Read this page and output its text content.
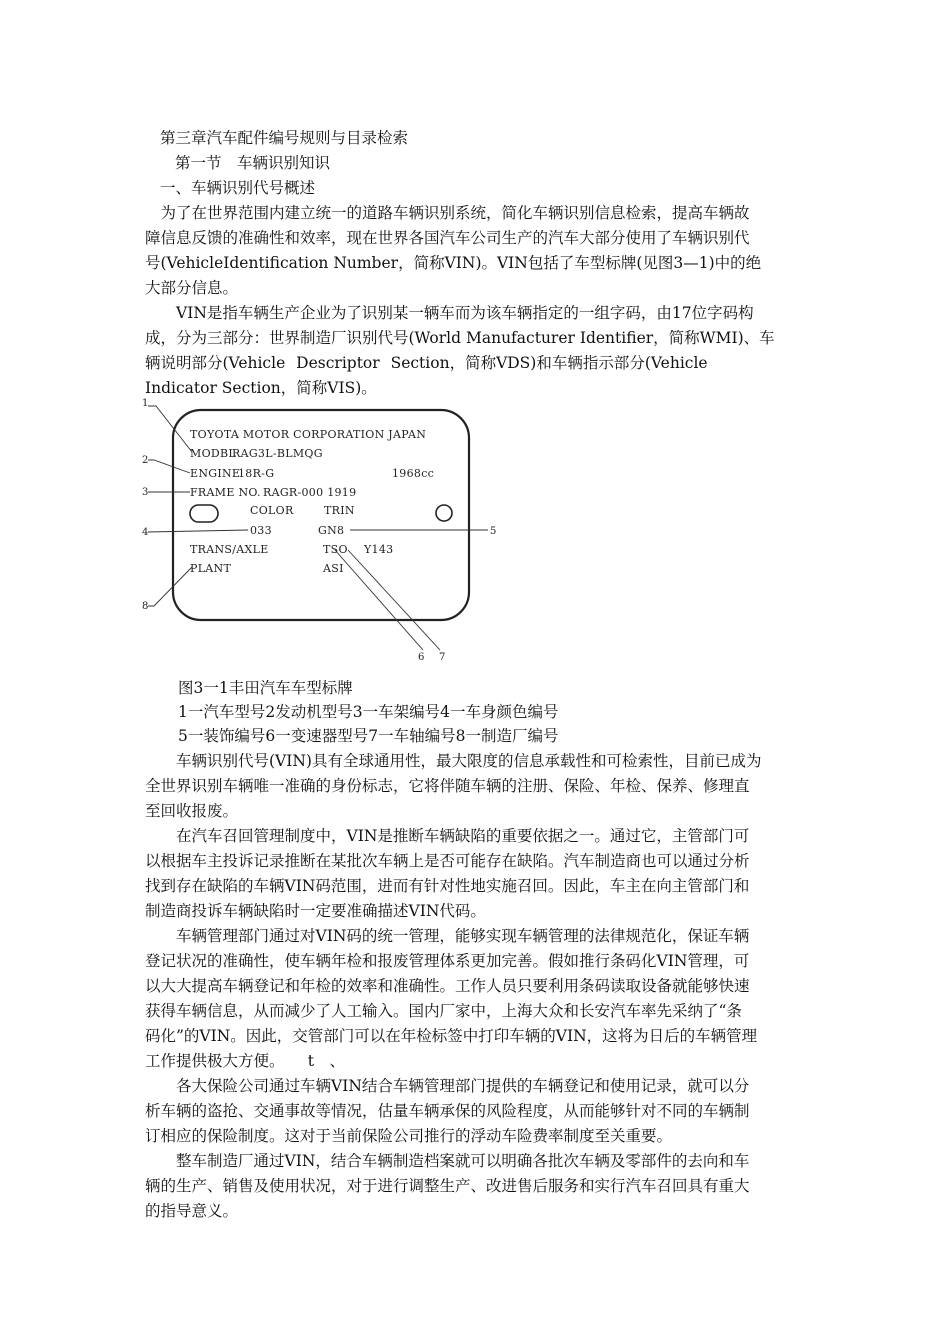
第三章汽车配件编号规则与目录检索
第一节　车辆识别知识
一、车辆识别代号概述
　为了在世界范围内建立统一的道路车辆识别系统，简化车辆识别信息检索，提高车辆故
障信息反馈的准确性和效率，现在世界各国汽车公司生产的汽车大部分使用了车辆识别代
号(VehicleIdentification Number，简称VIN)。VIN包括了车型标牌(见图3—1)中的绝
大部分信息。
　　VIN是指车辆生产企业为了识别某一辆车而为该车辆指定的一组字码，由17位字码构
成，分为三部分：世界制造厂识别代号(World Manufacturer Identifier，简称WMI)、车
辆说明部分(Vehicle Descriptor Section，简称VDS)和车辆指示部分(Vehicle
Indicator Section，简称VIS)。
TOYOTA MOTOR CORPORATION JAPAN
MODBL
RAG3L-BLMQG
ENGINE
18R-G	1968cc
FRAME NO. RAGR-000 1919
COLOR	TRIN
033	GN8
TRANS/AXLE	TSO Y143
PLANT	ASI
1
2
3
4	5
6 7
8
图3一1丰田汽车车型标牌
1一汽车型号2发动机型号3一车架编号4一车身颜色编号
5一装饰编号6一变速器型号7一车轴编号8一制造厂编号
　　车辆识别代号(VIN)具有全球通用性，最大限度的信息承载性和可检索性，目前已成为
全世界识别车辆唯一准确的身份标志，它将伴随车辆的注册、保险、年检、保养、修理直
至回收报废。
　　在汽车召回管理制度中，VIN是推断车辆缺陷的重要依据之一。通过它，主管部门可
以根据车主投诉记录推断在某批次车辆上是否可能存在缺陷。汽车制造商也可以通过分析
找到存在缺陷的车辆VIN码范围，进而有针对性地实施召回。因此，车主在向主管部门和
制造商投诉车辆缺陷时一定要准确描述VIN代码。
　　车辆管理部门通过对VIN码的统一管理，能够实现车辆管理的法律规范化，保证车辆
登记状况的准确性，使车辆年检和报废管理体系更加完善。假如推行条码化VIN管理，可
以大大提高车辆登记和年检的效率和准确性。工作人员只要利用条码读取设备就能够快速
获得车辆信息，从而减少了人工输入。国内厂家中，上海大众和长安汽车率先采纳了“条
码化”的VIN。因此，交管部门可以在年检标签中打印车辆的VIN，这将为日后的车辆管理
工作提供极大方便。　　t　、
　　各大保险公司通过车辆VIN结合车辆管理部门提供的车辆登记和使用记录，就可以分
析车辆的盗抢、交通事故等情况，估量车辆承保的风险程度，从而能够针对不同的车辆制
订相应的保险制度。这对于当前保险公司推行的浮动车险费率制度至关重要。
　　整车制造厂通过VIN，结合车辆制造档案就可以明确各批次车辆及零部件的去向和车
辆的生产、销售及使用状况，对于进行调整生产、改进售后服务和实行汽车召回具有重大
的指导意义。
